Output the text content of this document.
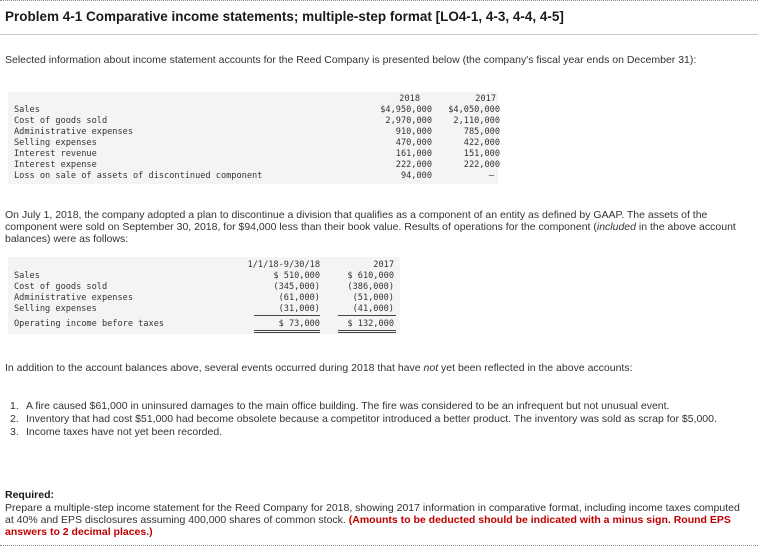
Problem 4-1 Comparative income statements; multiple-step format [LO4-1, 4-3, 4-4, 4-5]

Selected information about income statement accounts for the Reed Company is presented below (the company's fiscal year ends on December 31):

2018	2017
Sales	$4,950,000	$4,050,000
Cost of goods sold	2,970,000	2,110,000
Administrative expenses	910,000	785,000
Selling expenses	470,000	422,000
Interest revenue	161,000	151,000
Interest expense	222,000	222,000
Loss on sale of assets of discontinued component	94,000	–

On July 1, 2018, the company adopted a plan to discontinue a division that qualifies as a component of an entity as defined by GAAP. The assets of the component were sold on September 30, 2018, for $94,000 less than their book value. Results of operations for the component (included in the above account balances) were as follows:

1/1/18-9/30/18	2017
Sales	$ 510,000	$ 610,000
Cost of goods sold	(345,000)	(386,000)
Administrative expenses	(61,000)	(51,000)
Selling expenses	(31,000)	(41,000)
Operating income before taxes	$ 73,000	$ 132,000

In addition to the account balances above, several events occurred during 2018 that have not yet been reflected in the above accounts:

1. A fire caused $61,000 in uninsured damages to the main office building. The fire was considered to be an infrequent but not unusual event.
2. Inventory that had cost $51,000 had become obsolete because a competitor introduced a better product. The inventory was sold as scrap for $5,000.
3. Income taxes have not yet been recorded.
Required:

Prepare a multiple-step income statement for the Reed Company for 2018, showing 2017 information in comparative format, including income taxes computed at 40% and EPS disclosures assuming 400,000 shares of common stock. (Amounts to be deducted should be indicated with a minus sign. Round EPS answers to 2 decimal places.)
